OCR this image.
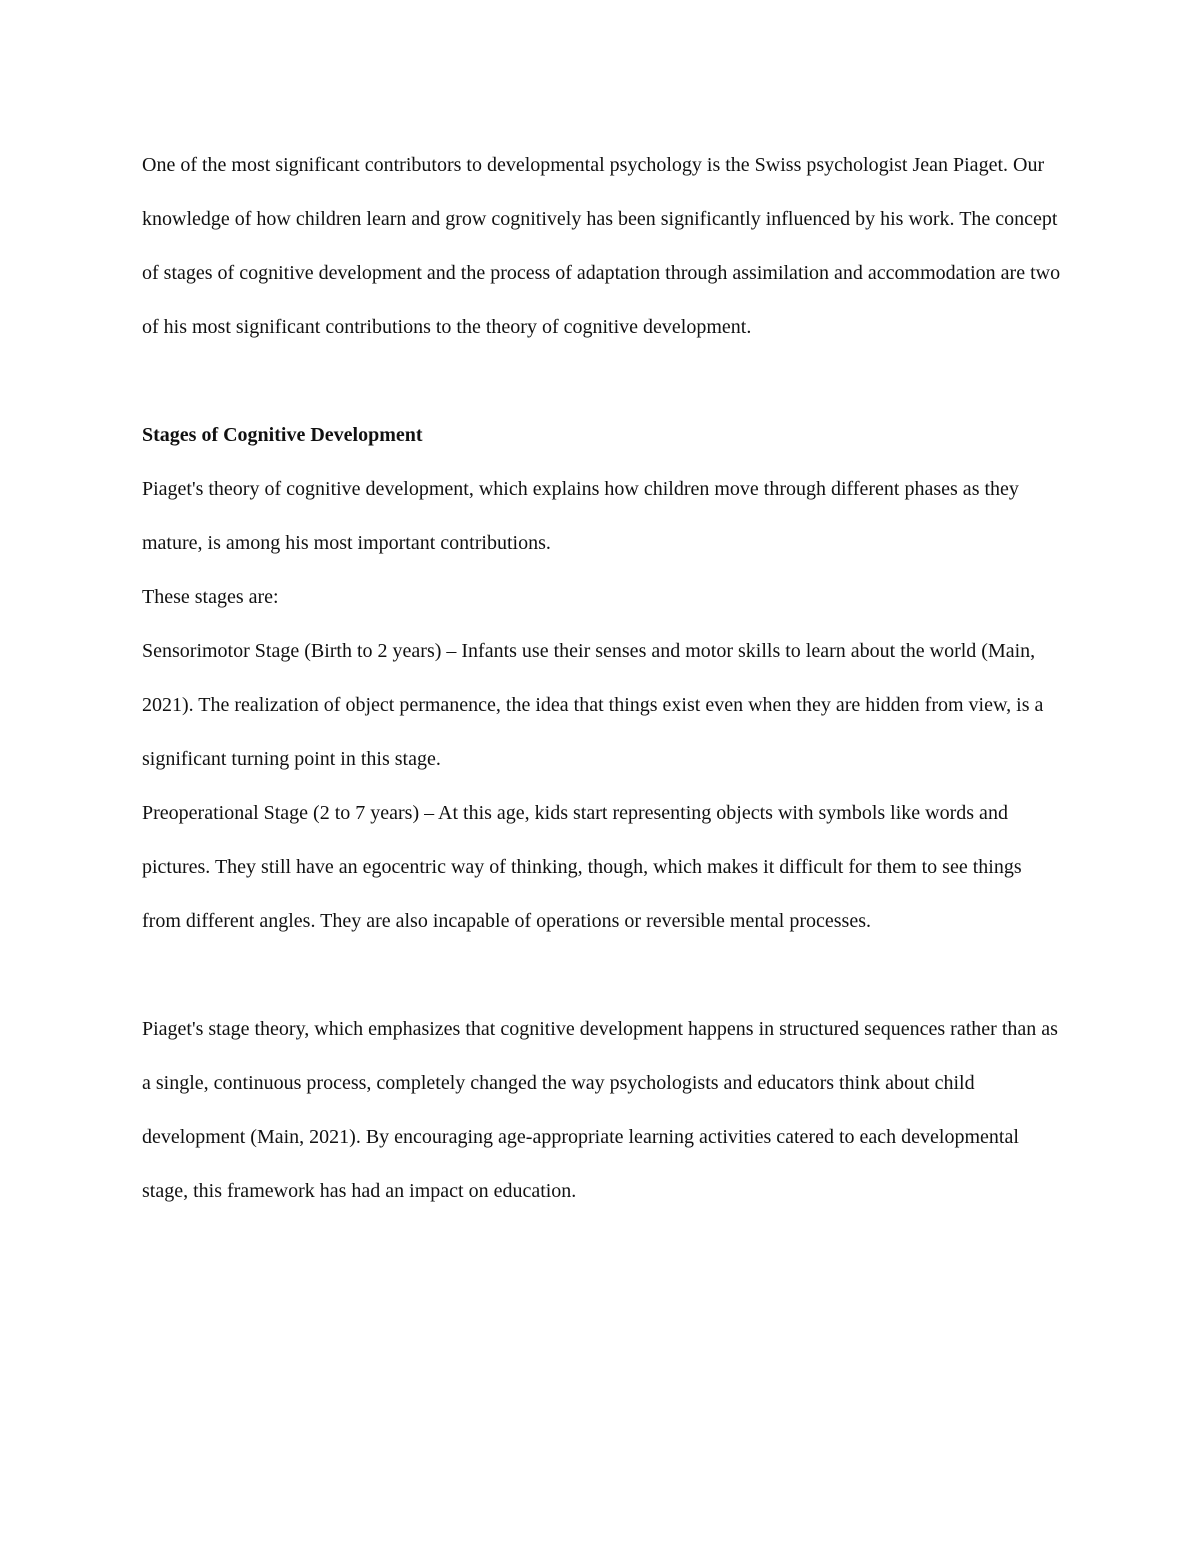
One of the most significant contributors to developmental psychology is the Swiss psychologist Jean Piaget. Our knowledge of how children learn and grow cognitively has been significantly influenced by his work. The concept of stages of cognitive development and the process of adaptation through assimilation and accommodation are two of his most significant contributions to the theory of cognitive development.

Stages of Cognitive Development

Piaget's theory of cognitive development, which explains how children move through different phases as they mature, is among his most important contributions.

These stages are:

Sensorimotor Stage (Birth to 2 years) – Infants use their senses and motor skills to learn about the world (Main, 2021). The realization of object permanence, the idea that things exist even when they are hidden from view, is a significant turning point in this stage.

Preoperational Stage (2 to 7 years) – At this age, kids start representing objects with symbols like words and pictures. They still have an egocentric way of thinking, though, which makes it difficult for them to see things from different angles. They are also incapable of operations or reversible mental processes.

Piaget's stage theory, which emphasizes that cognitive development happens in structured sequences rather than as a single, continuous process, completely changed the way psychologists and educators think about child development (Main, 2021). By encouraging age-appropriate learning activities catered to each developmental stage, this framework has had an impact on education.
